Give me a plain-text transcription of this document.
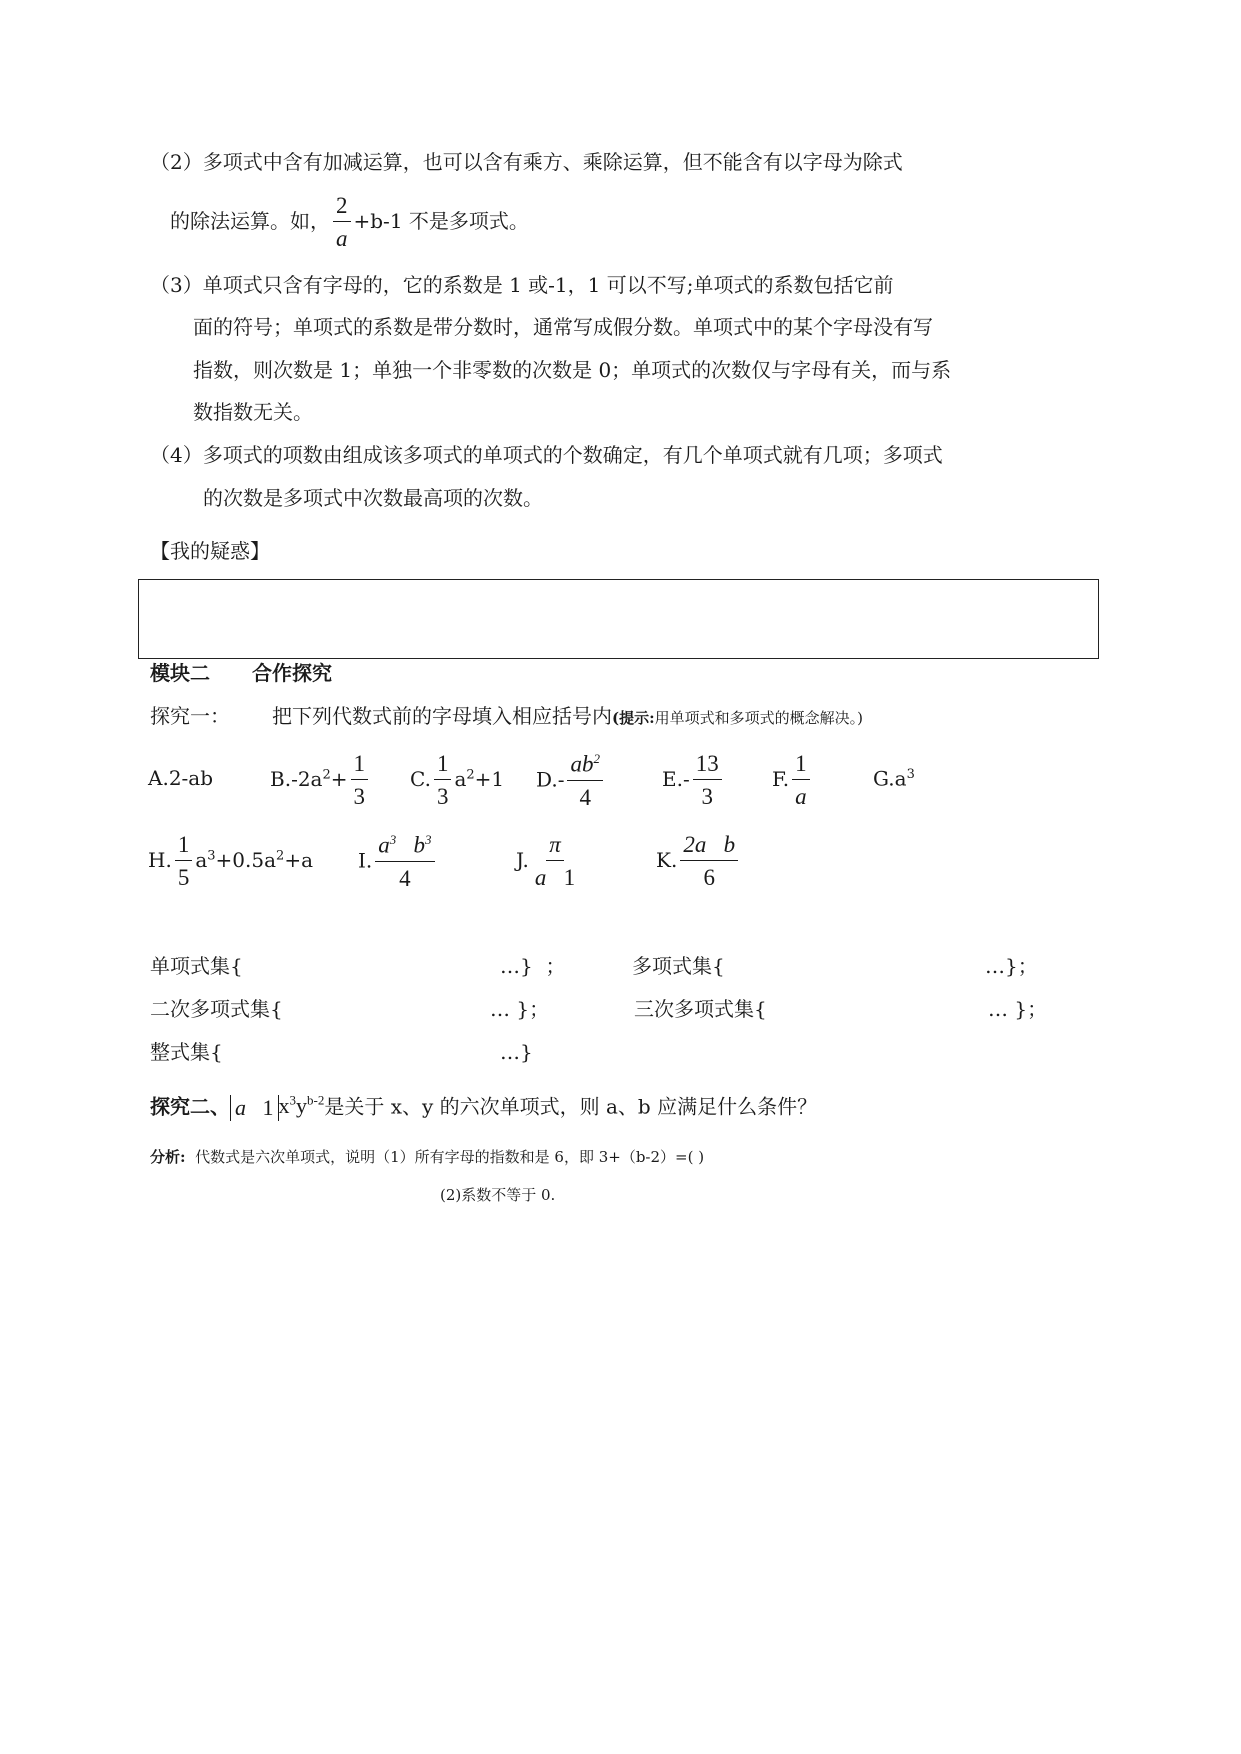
（2）多项式中含有加减运算，也可以含有乘方、乘除运算，但不能含有以字母为除式
的除法运算。如， $\frac{2}{a} +b-1$ 不是多项式。
（3）单项式只含有字母的，它的系数是 1 或-1，1 可以不写;单项式的系数包括它前
面的符号；单项式的系数是带分数时，通常写成假分数。单项式中的某个字母没有写
指数，则次数是 1；单独一个非零数的次数是 0；单项式的次数仅与字母有关，而与系
数指数无关。
（4）多项式的项数由组成该多项式的单项式的个数确定，有几个单项式就有几项；多项式
的次数是多项式中次数最高项的次数。
【我的疑惑】
模块二 合作探究
探究一： 把下列代数式前的字母填入相应括号内(提示:用单项式和多项式的概念解决。)
A.2-ab	$B.-2a^2+ \frac{1}{3} C$. $\frac{1}{3} a^2+1$ $D.- \frac{ab^2}{4}$	$E.- \frac{13}{3}$	F. $\frac{1}{a}$	$G.a^3$
H. $\frac{1}{5} a^3+0.5a^2+a$ I. $\frac{a^3 b^3}{4}$	J. $\frac{\pi}{a 1}$	K. $\frac{\text{2a b}}{6}$
单项式集{	…} ；	多项式集{	…}；
二次多项式集{	… }；	三次多项式集{	… }；
整式集{	…}
探究二、 a 1 $x^3y^{b-2}$是关于 x、y 的六次单项式，则 a、b 应满足什么条件？
分析: 代数式是六次单项式，说明（1）所有字母的指数和是 6，即 3+（b-2）=( )
(2)系数不等于 0.
